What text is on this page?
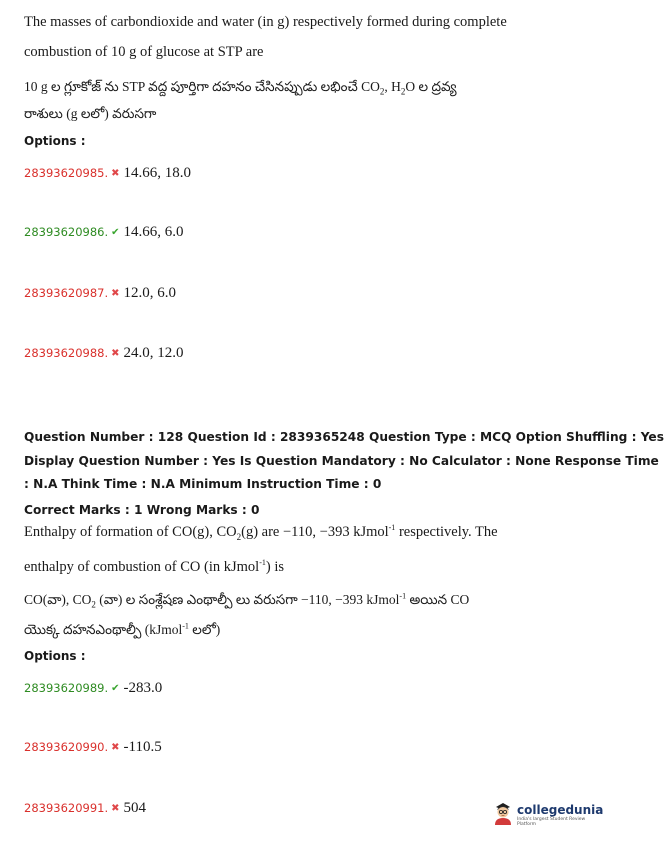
The masses of carbondioxide and water (in g) respectively formed during complete
combustion of 10 g of glucose at STP are
10 g ల గ్లూకోజ్ ను STP వద్ద పూర్తిగా దహనం చేసినప్పుడు లభించే $CO_2$, $H_2O$ ల ద్రవ్య
రాశులు (g లలో) వరుసగా
Options :
28393620985. ✖ 14.66, 18.0
28393620986. ✔ 14.66, 6.0
28393620987. ✖ 12.0, 6.0
28393620988. ✖ 24.0, 12.0
Question Number : 128 Question Id : 2839365248 Question Type : MCQ Option Shuffling : Yes
Display Question Number : Yes Is Question Mandatory : No Calculator : None Response Time
: N.A Think Time : N.A Minimum Instruction Time : 0
Correct Marks : 1 Wrong Marks : 0
Enthalpy of formation of CO(g), $CO_2(g)$ are −110, −393 kJmol$^{-1}$ respectively. The
enthalpy of combustion of CO (in kJmol$^{-1}$) is
CO(వా), $CO_2$ (వా) ల సంశ్లేషణ ఎంథాల్పీ లు వరుసగా −110, −393 kJmol$^{-1}$ అయిన CO
యొక్క దహనఎంథాల్పీ (kJmol$^{-1}$ లలో)
Options :
28393620989. ✔ -283.0
28393620990. ✖ -110.5
28393620991. ✖ 504	collegedunia
India's largest Student Review Platform
